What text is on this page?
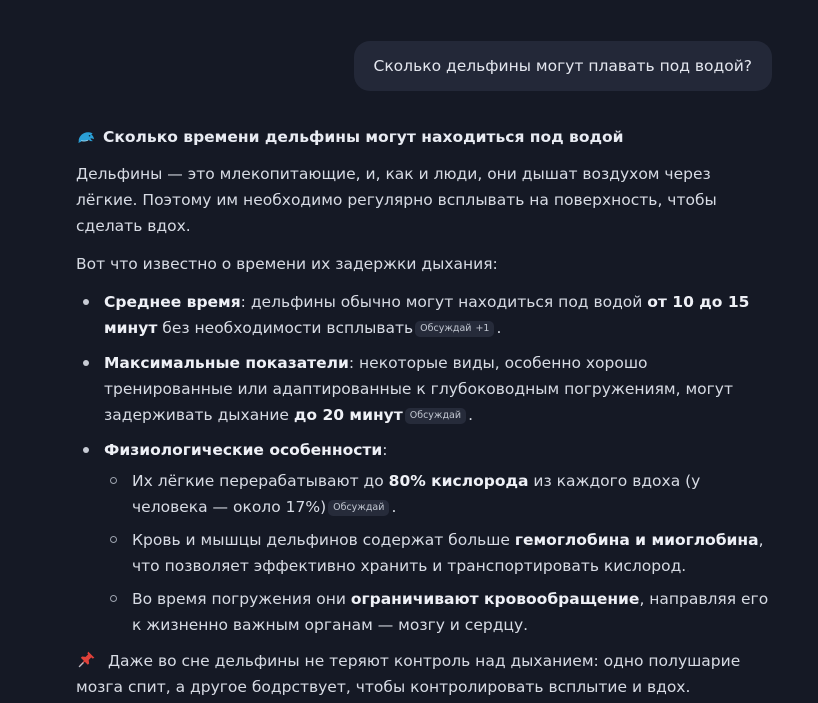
Сколько дельфины могут плавать под водой?
Сколько времени дельфины могут находиться под водой

Дельфины — это млекопитающие, и, как и люди, они дышат воздухом через лёгкие. Поэтому им необходимо регулярно всплывать на поверхность, чтобы сделать вдох.

Вот что известно о времени их задержки дыхания:

Среднее время: дельфины обычно могут находиться под водой от 10 до 15 минут без необходимости всплывать Обсуждай +1 .
Максимальные показатели: некоторые виды, особенно хорошо тренированные или адаптированные к глубоководным погружениям, могут задерживать дыхание до 20 минут Обсуждай .
Физиологические особенности:
Их лёгкие перерабатывают до 80% кислорода из каждого вдоха (у человека — около 17%) Обсуждай .
Кровь и мышцы дельфинов содержат больше гемоглобина и миоглобина, что позволяет эффективно хранить и транспортировать кислород.
Во время погружения они ограничивают кровообращение, направляя его к жизненно важным органам — мозгу и сердцу.

Даже во сне дельфины не теряют контроль над дыханием: одно полушарие мозга спит, а другое бодрствует, чтобы контролировать всплытие и вдох.
